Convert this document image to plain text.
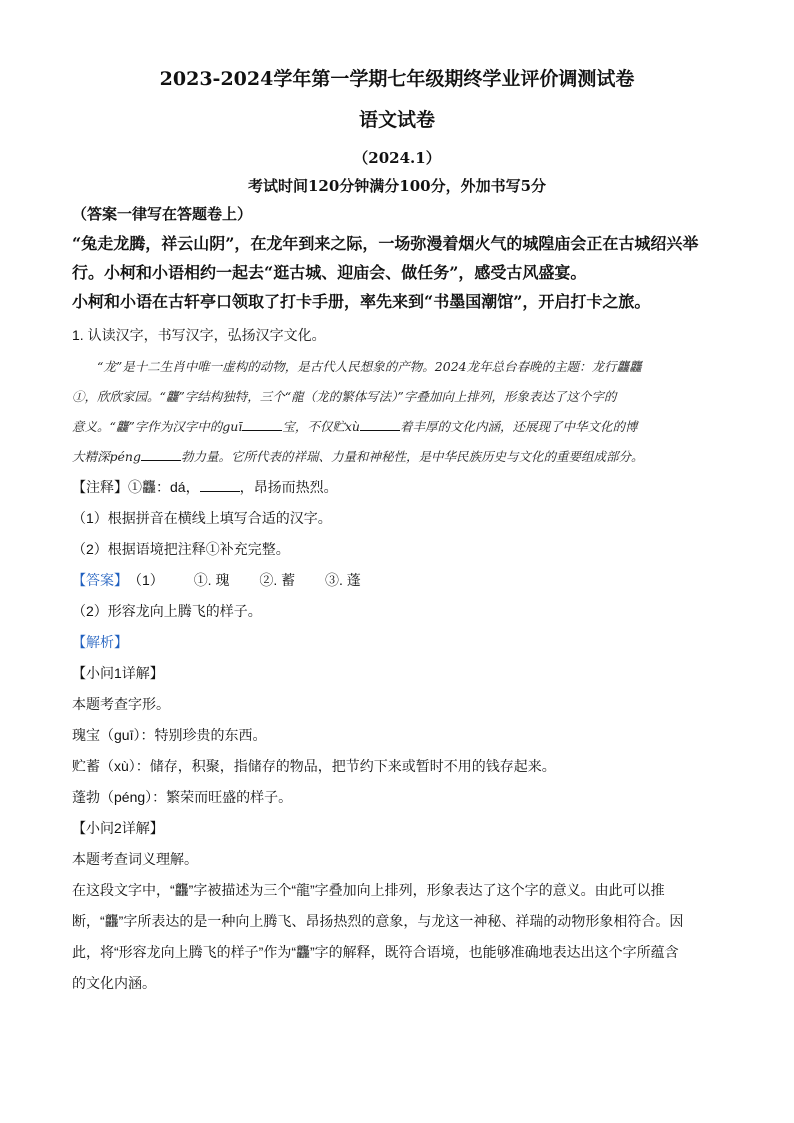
2023-2024学年第一学期七年级期终学业评价调测试卷
语文试卷
（2024.1）
考试时间120分钟满分100分，外加书写5分
（答案一律写在答题卷上）

“兔走龙腾，祥云山阴”，在龙年到来之际，一场弥漫着烟火气的城隍庙会正在古城绍兴举

行。小柯和小语相约一起去“逛古城、迎庙会、做任务”，感受古风盛宴。

小柯和小语在古轩亭口领取了打卡手册，率先来到“书墨国潮馆”，开启打卡之旅。

1. 认读汉字，书写汉字，弘扬汉字文化。

“龙”是十二生肖中唯一虚构的动物，是古代人民想象的产物。2024龙年总台春晚的主题：龙行龘龘
①，欣欣家园。“龘”字结构独特，三个“龍（龙的繁体写法）”字叠加向上排列，形象表达了这个字的
意义。“龘”字作为汉字中的guī	宝，不仅贮xù	着丰厚的文化内涵，还展现了中华文化的博
大精深péng	勃力量。它所代表的祥瑞、力量和神秘性，是中华民族历史与文化的重要组成部分。

【注释】①龘：dá，	，昂扬而热烈。

（1）根据拼音在横线上填写合适的汉字。

（2）根据语境把注释①补充完整。

【答案】（1） ①. 瑰 ②. 蓄 ③. 蓬

（2）形容龙向上腾飞的样子。

【解析】

【小问1详解】

本题考查字形。

瑰宝（guī）：特别珍贵的东西。

贮蓄（xù）：储存，积聚，指储存的物品，把节约下来或暂时不用的钱存起来。

蓬勃（péng）：繁荣而旺盛的样子。

【小问2详解】

本题考查词义理解。

在这段文字中，“龘”字被描述为三个“龍”字叠加向上排列，形象表达了这个字的意义。由此可以推

断，“龘”字所表达的是一种向上腾飞、昂扬热烈的意象，与龙这一神秘、祥瑞的动物形象相符合。因

此，将“形容龙向上腾飞的样子”作为“龘”字的解释，既符合语境，也能够准确地表达出这个字所蕴含

的文化内涵。
